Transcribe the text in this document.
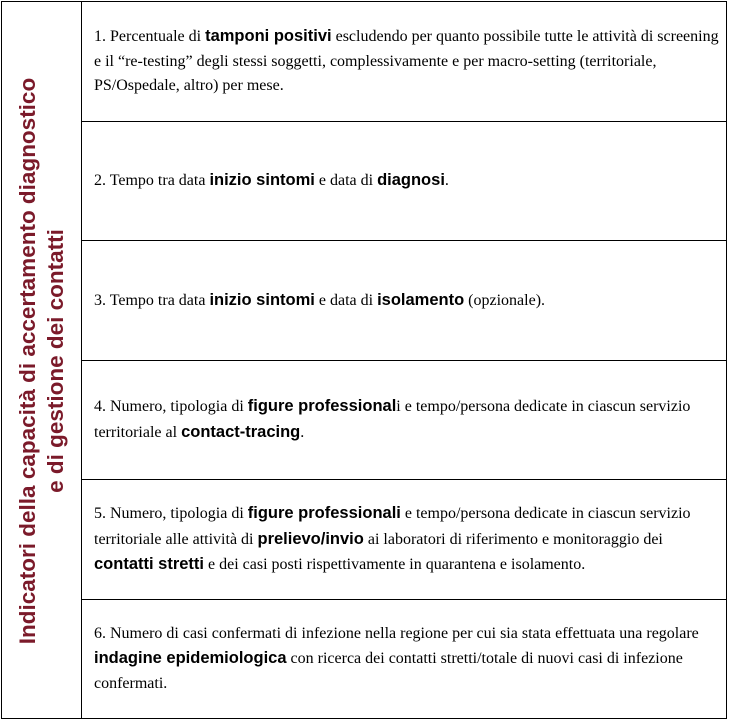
Indicatori della capacità di accertamento diagnostico e di gestione dei contatti

1. Percentuale di tamponi positivi escludendo per quanto possibile tutte le attività di screening e il “re-testing” degli stessi soggetti, complessivamente e per macro-setting (territoriale, PS/Ospedale, altro) per mese.

2. Tempo tra data inizio sintomi e data di diagnosi.

3. Tempo tra data inizio sintomi e data di isolamento (opzionale).

4. Numero, tipologia di figure professionali e tempo/persona dedicate in ciascun servizio territoriale al contact-tracing.

5. Numero, tipologia di figure professionali e tempo/persona dedicate in ciascun servizio territoriale alle attività di prelievo/invio ai laboratori di riferimento e monitoraggio dei contatti stretti e dei casi posti rispettivamente in quarantena e isolamento.

6. Numero di casi confermati di infezione nella regione per cui sia stata effettuata una regolare indagine epidemiologica con ricerca dei contatti stretti/totale di nuovi casi di infezione confermati.
